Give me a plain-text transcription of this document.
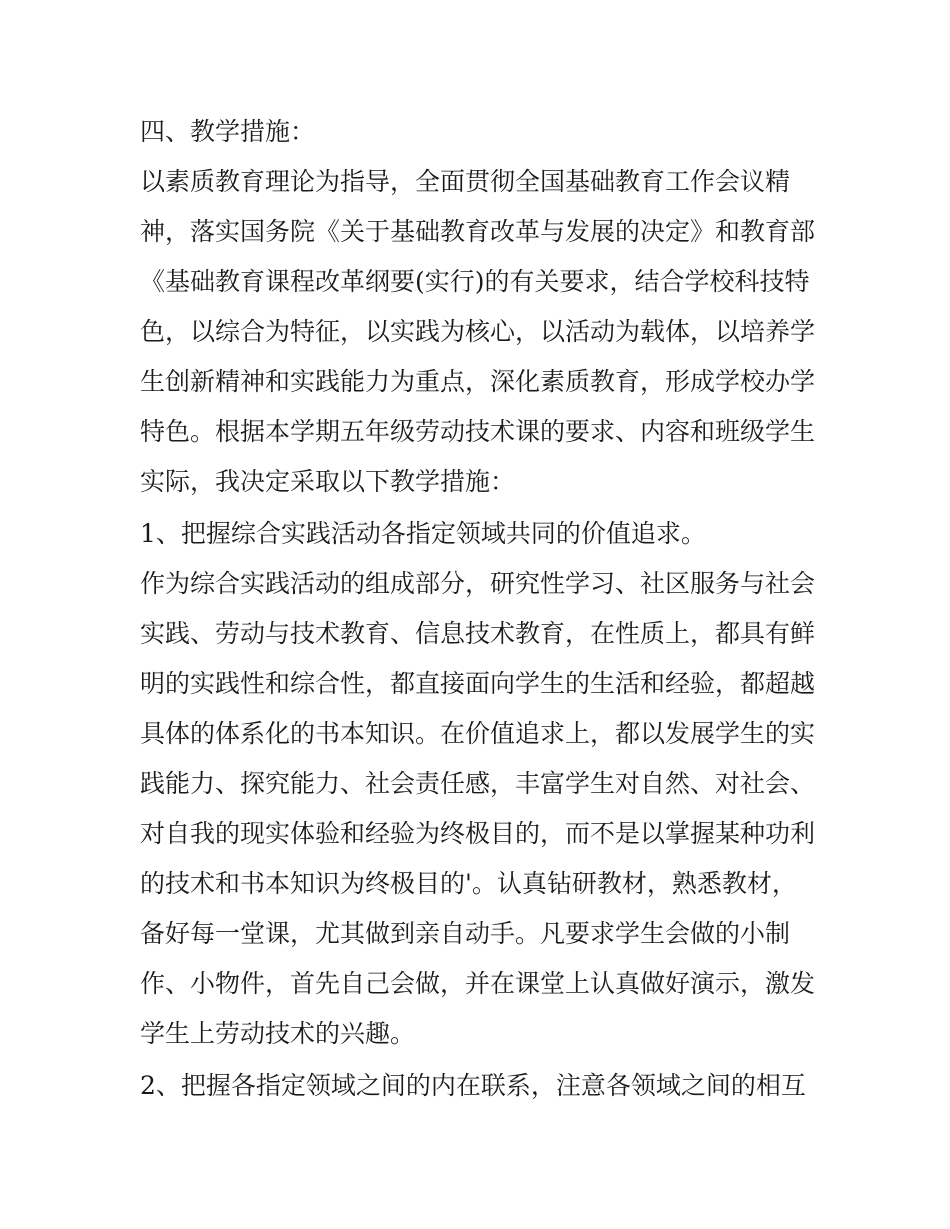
四、教学措施：
以素质教育理论为指导，全面贯彻全国基础教育工作会议精
神，落实国务院《关于基础教育改革与发展的决定》和教育部
《基础教育课程改革纲要(实行)的有关要求，结合学校科技特
色，以综合为特征，以实践为核心，以活动为载体，以培养学
生创新精神和实践能力为重点，深化素质教育，形成学校办学
特色。根据本学期五年级劳动技术课的要求、内容和班级学生
实际，我决定采取以下教学措施：
1、把握综合实践活动各指定领域共同的价值追求。
作为综合实践活动的组成部分，研究性学习、社区服务与社会
实践、劳动与技术教育、信息技术教育，在性质上，都具有鲜
明的实践性和综合性，都直接面向学生的生活和经验，都超越
具体的体系化的书本知识。在价值追求上，都以发展学生的实
践能力、探究能力、社会责任感，丰富学生对自然、对社会、
对自我的现实体验和经验为终极目的，而不是以掌握某种功利
的技术和书本知识为终极目的'。认真钻研教材，熟悉教材，
备好每一堂课，尤其做到亲自动手。凡要求学生会做的小制
作、小物件，首先自己会做，并在课堂上认真做好演示，激发
学生上劳动技术的兴趣。
2、把握各指定领域之间的内在联系，注意各领域之间的相互
